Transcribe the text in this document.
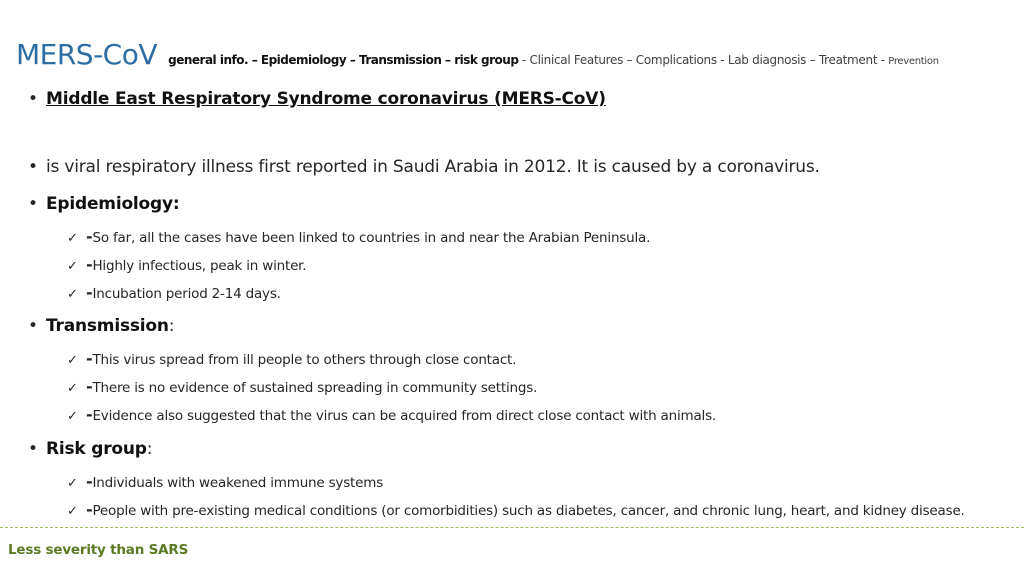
MERS-CoV general info. – Epidemiology – Transmission – risk group - Clinical Features – Complications - Lab diagnosis – Treatment - Prevention
• Middle East Respiratory Syndrome coronavirus (MERS-CoV)
• is viral respiratory illness first reported in Saudi Arabia in 2012. It is caused by a coronavirus.
• Epidemiology:
✓ -So far, all the cases have been linked to countries in and near the Arabian Peninsula.
✓ -Highly infectious, peak in winter.
✓ -Incubation period 2-14 days.
• Transmission:
✓ -This virus spread from ill people to others through close contact.
✓ -There is no evidence of sustained spreading in community settings.
✓ -Evidence also suggested that the virus can be acquired from direct close contact with animals.
• Risk group:
✓ -Individuals with weakened immune systems
✓ -People with pre-existing medical conditions (or comorbidities) such as diabetes, cancer, and chronic lung, heart, and kidney disease.
Less severity than SARS
